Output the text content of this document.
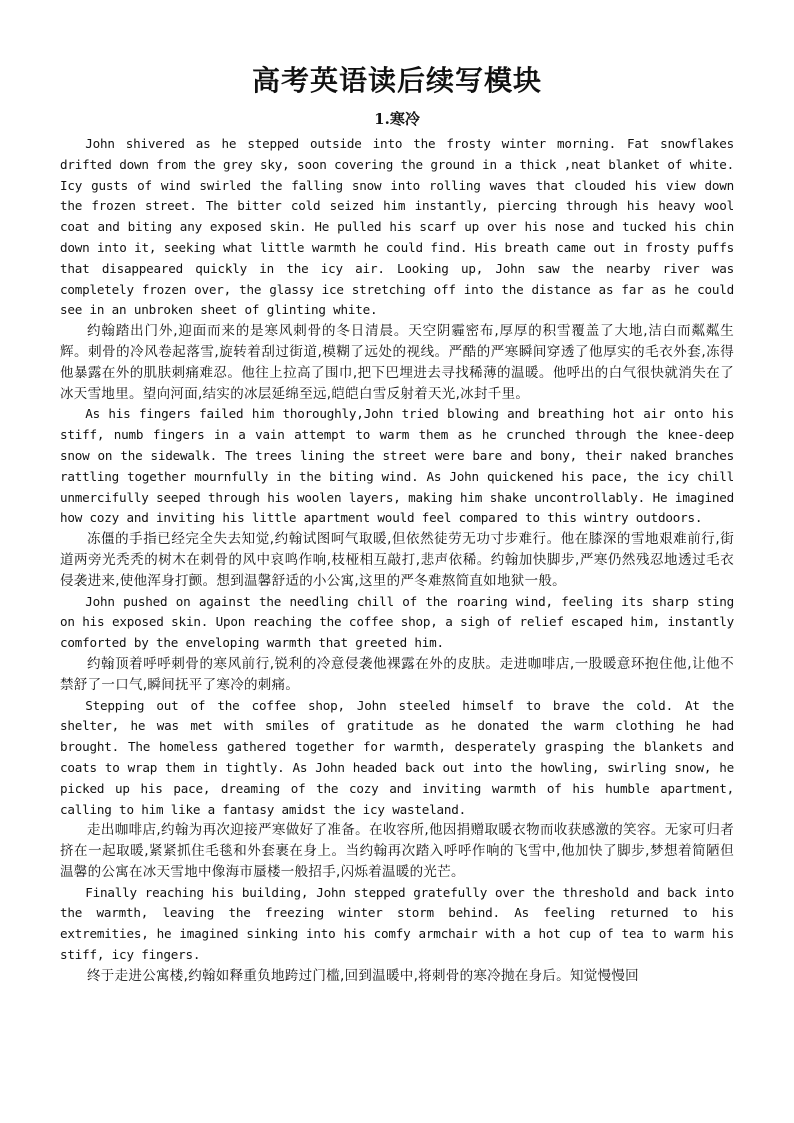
高考英语读后续写模块
1.寒冷

John shivered as he stepped outside into the frosty winter morning. Fat snowflakes drifted down from the grey sky, soon covering the ground in a thick ,neat blanket of white. Icy gusts of wind swirled the falling snow into rolling waves that clouded his view down the frozen street. The bitter cold seized him instantly, piercing through his heavy wool coat and biting any exposed skin. He pulled his scarf up over his nose and tucked his chin down into it, seeking what little warmth he could find. His breath came out in frosty puffs that disappeared quickly in the icy air. Looking up, John saw the nearby river was completely frozen over, the glassy ice stretching off into the distance as far as he could see in an unbroken sheet of glinting white.

约翰踏出门外,迎面而来的是寒风刺骨的冬日清晨。天空阴霾密布,厚厚的积雪覆盖了大地,洁白而粼粼生辉。刺骨的冷风卷起落雪,旋转着刮过街道,模糊了远处的视线。严酷的严寒瞬间穿透了他厚实的毛衣外套,冻得他暴露在外的肌肤刺痛难忍。他往上拉高了围巾,把下巴埋进去寻找稀薄的温暖。他呼出的白气很快就消失在了冰天雪地里。望向河面,结实的冰层延绵至远,皑皑白雪反射着天光,冰封千里。

As his fingers failed him thoroughly,John tried blowing and breathing hot air onto his stiff, numb fingers in a vain attempt to warm them as he crunched through the knee-deep snow on the sidewalk. The trees lining the street were bare and bony, their naked branches rattling together mournfully in the biting wind. As John quickened his pace, the icy chill unmercifully seeped through his woolen layers, making him shake uncontrollably. He imagined how cozy and inviting his little apartment would feel compared to this wintry outdoors.

冻僵的手指已经完全失去知觉,约翰试图呵气取暖,但依然徒劳无功寸步难行。他在膝深的雪地艰难前行,街道两旁光秃秃的树木在刺骨的风中哀鸣作响,枝桠相互敲打,悲声依稀。约翰加快脚步,严寒仍然残忍地透过毛衣侵袭进来,使他浑身打颤。想到温馨舒适的小公寓,这里的严冬难熬简直如地狱一般。

John pushed on against the needling chill of the roaring wind, feeling its sharp sting on his exposed skin. Upon reaching the coffee shop, a sigh of relief escaped him, instantly comforted by the enveloping warmth that greeted him.

约翰顶着呼呼刺骨的寒风前行,锐利的冷意侵袭他裸露在外的皮肤。走进咖啡店,一股暖意环抱住他,让他不禁舒了一口气,瞬间抚平了寒冷的刺痛。

Stepping out of the coffee shop, John steeled himself to brave the cold. At the shelter, he was met with smiles of gratitude as he donated the warm clothing he had brought. The homeless gathered together for warmth, desperately grasping the blankets and coats to wrap them in tightly. As John headed back out into the howling, swirling snow, he picked up his pace, dreaming of the cozy and inviting warmth of his humble apartment, calling to him like a fantasy amidst the icy wasteland.

走出咖啡店,约翰为再次迎接严寒做好了准备。在收容所,他因捐赠取暖衣物而收获感激的笑容。无家可归者挤在一起取暖,紧紧抓住毛毯和外套裹在身上。当约翰再次踏入呼呼作响的飞雪中,他加快了脚步,梦想着简陋但温馨的公寓在冰天雪地中像海市蜃楼一般招手,闪烁着温暖的光芒。

Finally reaching his building, John stepped gratefully over the threshold and back into the warmth, leaving the freezing winter storm behind. As feeling returned to his extremities, he imagined sinking into his comfy armchair with a hot cup of tea to warm his stiff, icy fingers.

终于走进公寓楼,约翰如释重负地跨过门槛,回到温暖中,将刺骨的寒冷抛在身后。知觉慢慢回
